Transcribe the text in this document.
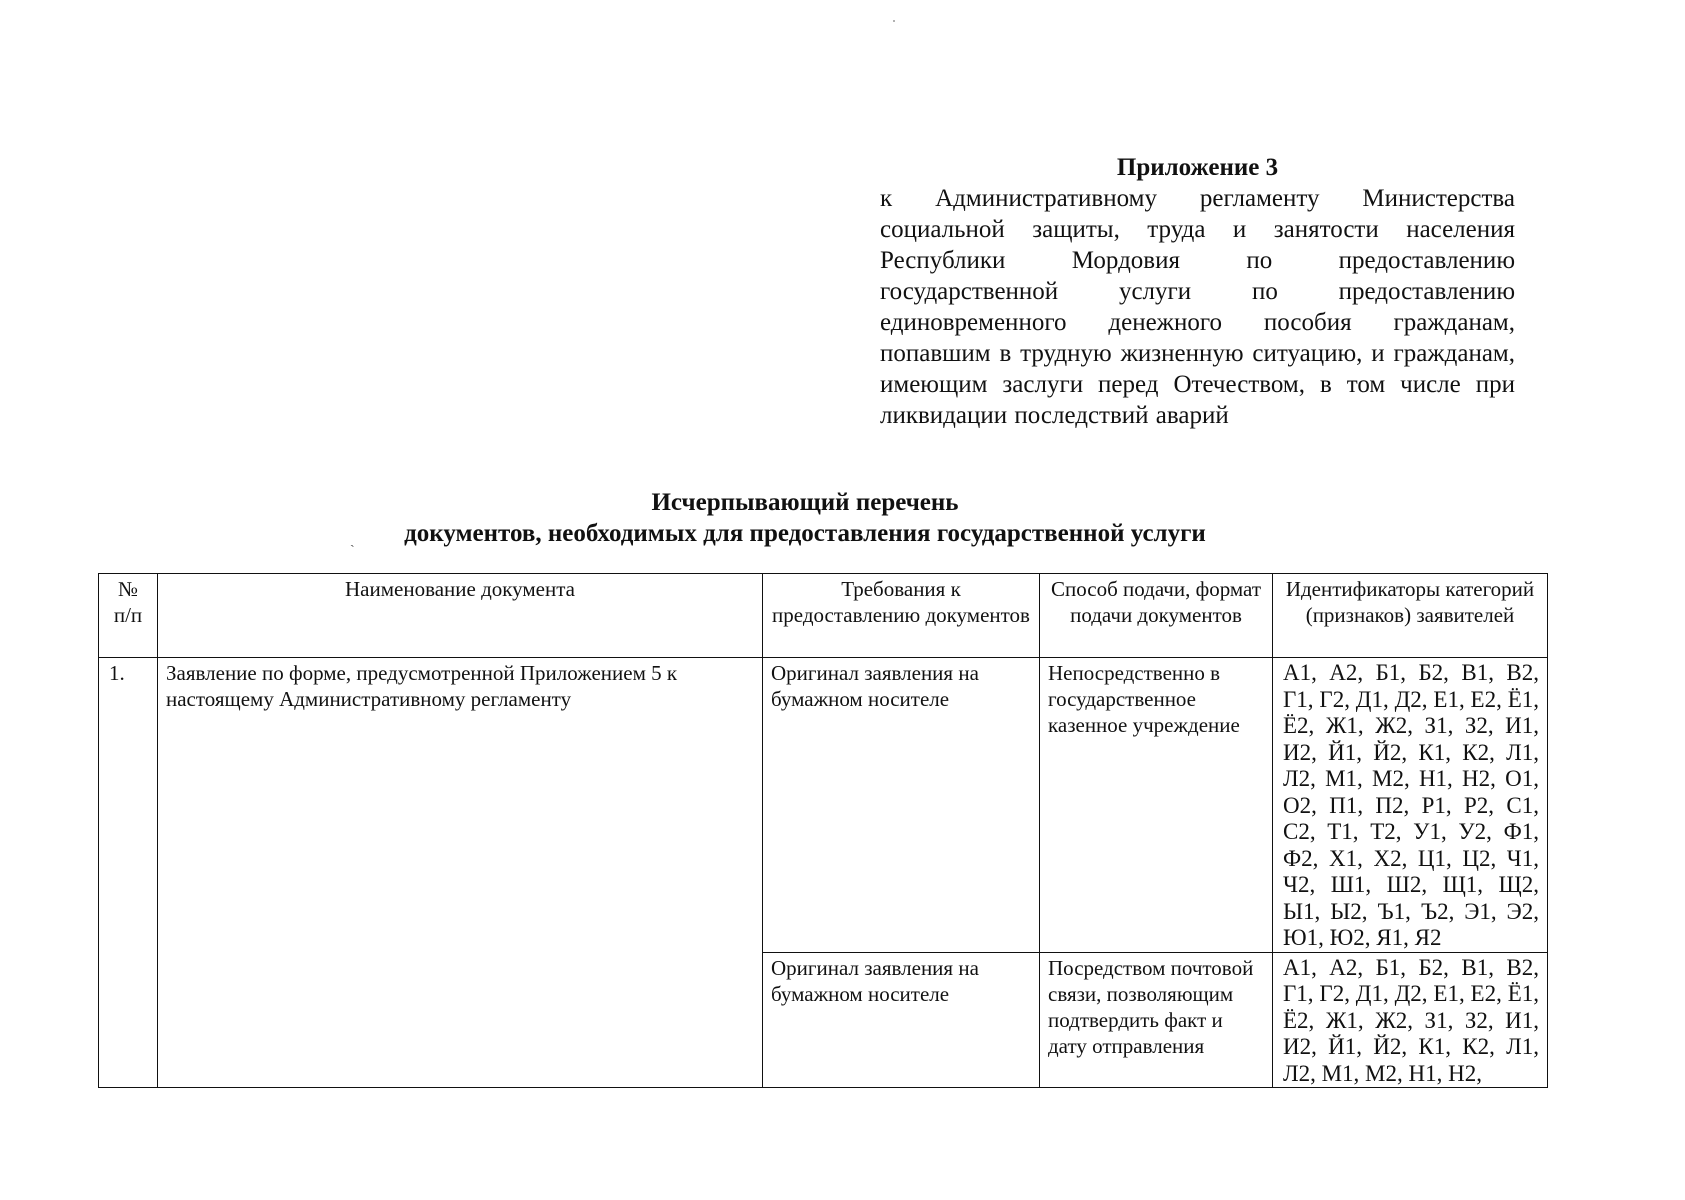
Приложение 3

к Административному регламенту Министерства социальной защиты, труда и занятости населения Республики Мордовия по предоставлению государственной услуги по предоставлению единовременного денежного пособия гражданам, попавшим в трудную жизненную ситуацию, и гражданам, имеющим заслуги перед Отечеством, в том числе при ликвидации последствий аварий

Исчерпывающий перечень
ˎ	документов, необходимых для предоставления государственной услуги
№ п/п	Наименование документа	Требования к предоставлению документов	Способ подачи, формат подачи документов	Идентификаторы категорий (признаков) заявителей
1.	Заявление по форме, предусмотренной Приложением 5 к настоящему Административному регламенту	Оригинал заявления на бумажном носителе	Непосредственно в государственное казенное учреждение	А1, А2, Б1, Б2, В1, В2, Г1, Г2, Д1, Д2, Е1, Е2, Ё1, Ё2, Ж1, Ж2, З1, З2, И1, И2, Й1, Й2, К1, К2, Л1, Л2, М1, М2, Н1, Н2, О1, О2, П1, П2, Р1, Р2, С1, С2, Т1, Т2, У1, У2, Ф1, Ф2, Х1, Х2, Ц1, Ц2, Ч1, Ч2, Ш1, Ш2, Щ1, Щ2, Ы1, Ы2, Ъ1, Ъ2, Э1, Э2, Ю1, Ю2, Я1, Я2
		Оригинал заявления на бумажном носителе	Посредством почтовой связи, позволяющим подтвердить факт и дату отправления	А1, А2, Б1, Б2, В1, В2, Г1, Г2, Д1, Д2, Е1, Е2, Ё1, Ё2, Ж1, Ж2, З1, З2, И1, И2, Й1, Й2, К1, К2, Л1, Л2, М1, М2, Н1, Н2,
